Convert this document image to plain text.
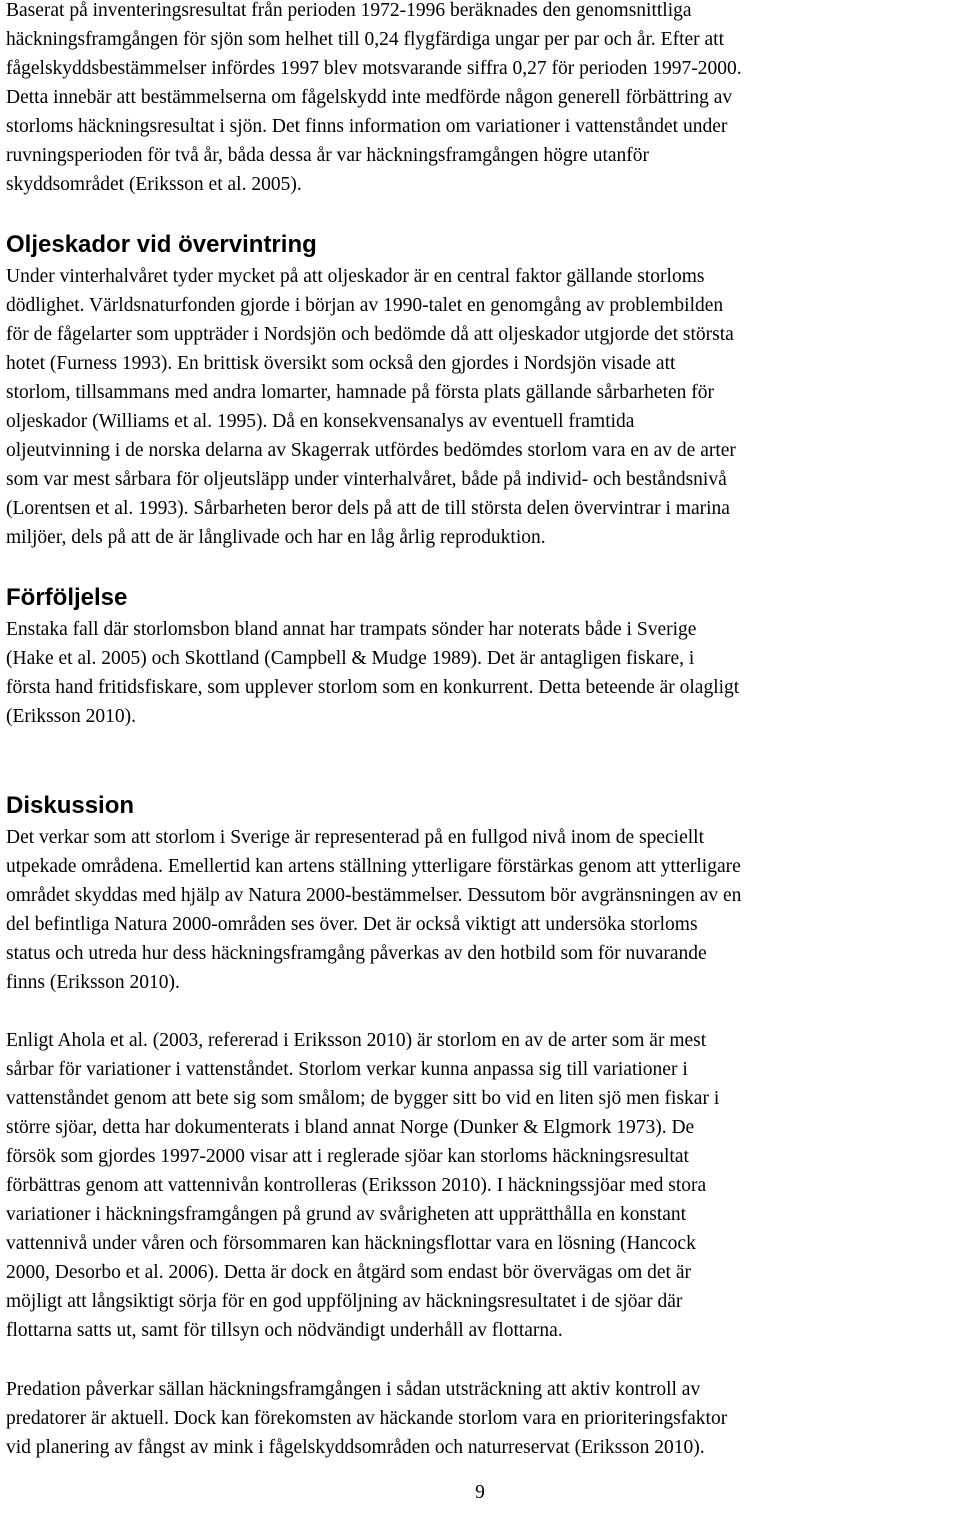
Baserat på inventeringsresultat från perioden 1972-1996 beräknades den genomsnittliga
häckningsframgången för sjön som helhet till 0,24 flygfärdiga ungar per par och år. Efter att
fågelskyddsbestämmelser infördes 1997 blev motsvarande siffra 0,27 för perioden 1997-2000.
Detta innebär att bestämmelserna om fågelskydd inte medförde någon generell förbättring av
storloms häckningsresultat i sjön. Det finns information om variationer i vattenståndet under
ruvningsperioden för två år, båda dessa år var häckningsframgången högre utanför
skyddsområdet (Eriksson et al. 2005).

Oljeskador vid övervintring

Under vinterhalvåret tyder mycket på att oljeskador är en central faktor gällande storloms
dödlighet. Världsnaturfonden gjorde i början av 1990-talet en genomgång av problembilden
för de fågelarter som uppträder i Nordsjön och bedömde då att oljeskador utgjorde det största
hotet (Furness 1993). En brittisk översikt som också den gjordes i Nordsjön visade att
storlom, tillsammans med andra lomarter, hamnade på första plats gällande sårbarheten för
oljeskador (Williams et al. 1995). Då en konsekvensanalys av eventuell framtida
oljeutvinning i de norska delarna av Skagerrak utfördes bedömdes storlom vara en av de arter
som var mest sårbara för oljeutsläpp under vinterhalvåret, både på individ- och beståndsnivå
(Lorentsen et al. 1993). Sårbarheten beror dels på att de till största delen övervintrar i marina
miljöer, dels på att de är långlivade och har en låg årlig reproduktion.

Förföljelse

Enstaka fall där storlomsbon bland annat har trampats sönder har noterats både i Sverige
(Hake et al. 2005) och Skottland (Campbell & Mudge 1989). Det är antagligen fiskare, i
första hand fritidsfiskare, som upplever storlom som en konkurrent. Detta beteende är olagligt
(Eriksson 2010).

Diskussion

Det verkar som att storlom i Sverige är representerad på en fullgod nivå inom de speciellt
utpekade områdena. Emellertid kan artens ställning ytterligare förstärkas genom att ytterligare
området skyddas med hjälp av Natura 2000-bestämmelser. Dessutom bör avgränsningen av en
del befintliga Natura 2000-områden ses över. Det är också viktigt att undersöka storloms
status och utreda hur dess häckningsframgång påverkas av den hotbild som för nuvarande
finns (Eriksson 2010).

Enligt Ahola et al. (2003, refererad i Eriksson 2010) är storlom en av de arter som är mest
sårbar för variationer i vattenståndet. Storlom verkar kunna anpassa sig till variationer i
vattenståndet genom att bete sig som smålom; de bygger sitt bo vid en liten sjö men fiskar i
större sjöar, detta har dokumenterats i bland annat Norge (Dunker & Elgmork 1973). De
försök som gjordes 1997-2000 visar att i reglerade sjöar kan storloms häckningsresultat
förbättras genom att vattennivån kontrolleras (Eriksson 2010). I häckningssjöar med stora
variationer i häckningsframgången på grund av svårigheten att upprätthålla en konstant
vattennivå under våren och försommaren kan häckningsflottar vara en lösning (Hancock
2000, Desorbo et al. 2006). Detta är dock en åtgärd som endast bör övervägas om det är
möjligt att långsiktigt sörja för en god uppföljning av häckningsresultatet i de sjöar där
flottarna satts ut, samt för tillsyn och nödvändigt underhåll av flottarna.

Predation påverkar sällan häckningsframgången i sådan utsträckning att aktiv kontroll av
predatorer är aktuell. Dock kan förekomsten av häckande storlom vara en prioriteringsfaktor
vid planering av fångst av mink i fågelskyddsområden och naturreservat (Eriksson 2010).

9
